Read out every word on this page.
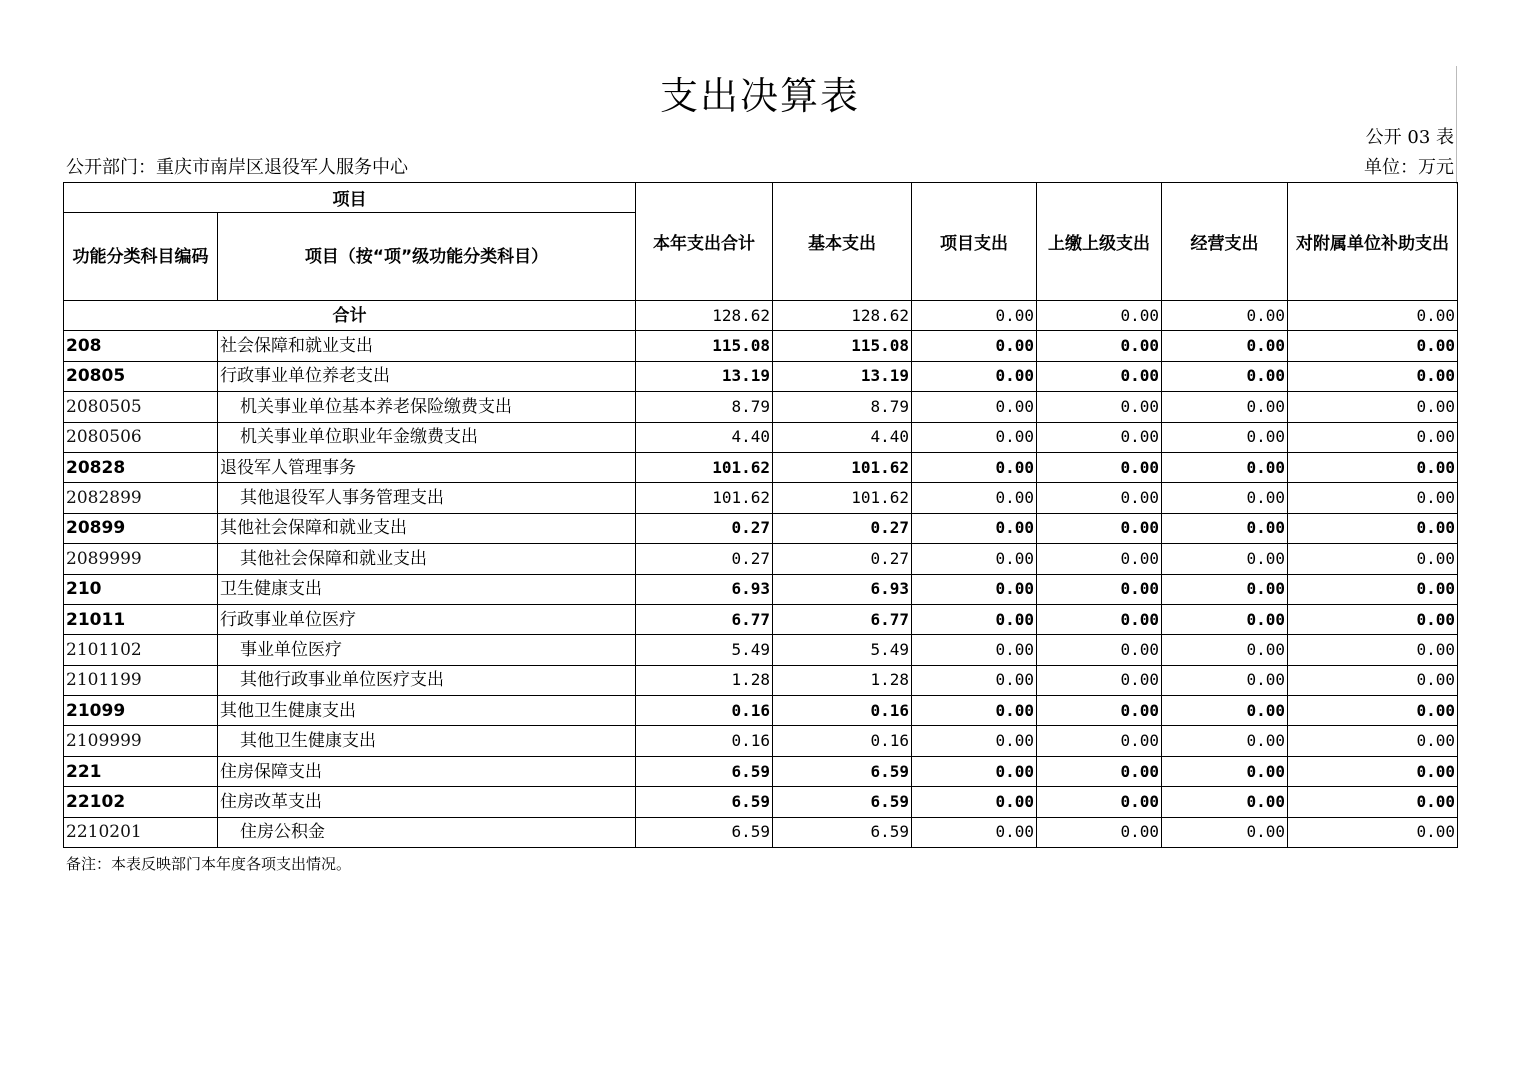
支出决算表
公开 03 表
公开部门：重庆市南岸区退役军人服务中心	单位：万元
项目		本年支出合计	基本支出	项目支出	上缴上级支出	经营支出	对附属单位补助支出
功能分类科目编码	项目（按“项”级功能分类科目）						
合计		128.62	128.62	0.00	0.00	0.00	0.00
208	社会保障和就业支出	115.08	115.08	0.00	0.00	0.00	0.00
20805	行政事业单位养老支出	13.19	13.19	0.00	0.00	0.00	0.00
2080505	机关事业单位基本养老保险缴费支出	8.79	8.79	0.00	0.00	0.00	0.00
2080506	机关事业单位职业年金缴费支出	4.40	4.40	0.00	0.00	0.00	0.00
20828	退役军人管理事务	101.62	101.62	0.00	0.00	0.00	0.00
2082899	其他退役军人事务管理支出	101.62	101.62	0.00	0.00	0.00	0.00
20899	其他社会保障和就业支出	0.27	0.27	0.00	0.00	0.00	0.00
2089999	其他社会保障和就业支出	0.27	0.27	0.00	0.00	0.00	0.00
210	卫生健康支出	6.93	6.93	0.00	0.00	0.00	0.00
21011	行政事业单位医疗	6.77	6.77	0.00	0.00	0.00	0.00
2101102	事业单位医疗	5.49	5.49	0.00	0.00	0.00	0.00
2101199	其他行政事业单位医疗支出	1.28	1.28	0.00	0.00	0.00	0.00
21099	其他卫生健康支出	0.16	0.16	0.00	0.00	0.00	0.00
2109999	其他卫生健康支出	0.16	0.16	0.00	0.00	0.00	0.00
221	住房保障支出	6.59	6.59	0.00	0.00	0.00	0.00
22102	住房改革支出	6.59	6.59	0.00	0.00	0.00	0.00
2210201	住房公积金	6.59	6.59	0.00	0.00	0.00	0.00
备注：本表反映部门本年度各项支出情况。
